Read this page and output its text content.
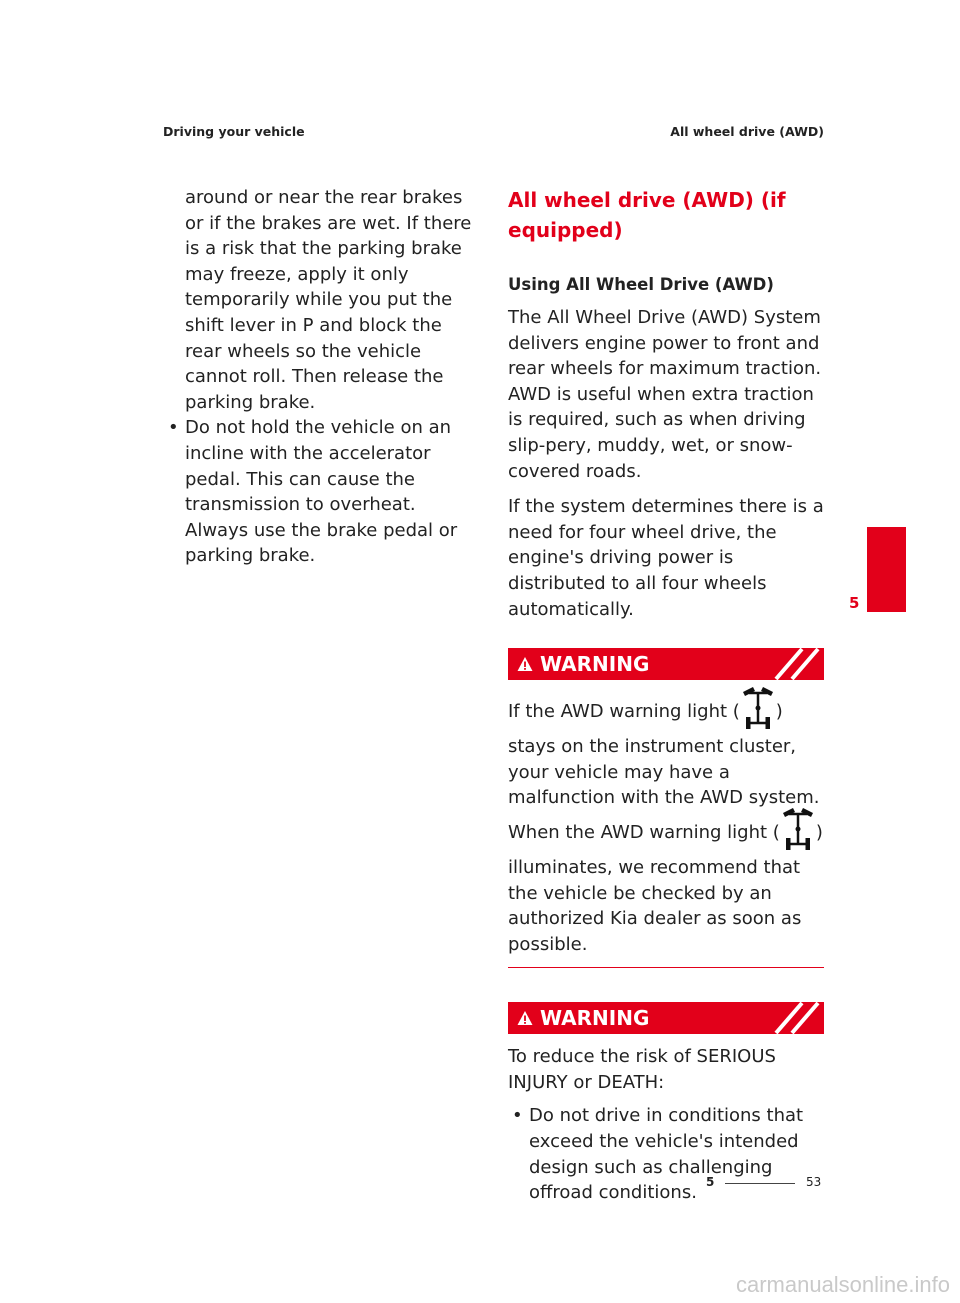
Driving your vehicle	All wheel drive (AWD)

around or near the rear brakes or if the brakes are wet. If there is a risk that the parking brake may freeze, apply it only temporarily while you put the shift lever in P and block the rear wheels so the vehicle cannot roll. Then release the parking brake.

• Do not hold the vehicle on an incline with the accelerator pedal. This can cause the transmission to overheat. Always use the brake pedal or parking brake.
All wheel drive (AWD) (if equipped)
Using All Wheel Drive (AWD)

The All Wheel Drive (AWD) System delivers engine power to front and rear wheels for maximum traction. AWD is useful when extra traction is required, such as when driving slip-pery, muddy, wet, or snow-covered roads.

If the system determines there is a need for four wheel drive, the engine's driving power is distributed to all four wheels automatically.

WARNING

If the AWD warning light ( ) stays on the instrument cluster, your vehicle may have a malfunction with the AWD system. When the AWD warning light ( ) illuminates, we recommend that the vehicle be checked by an authorized Kia dealer as soon as possible.

WARNING

To reduce the risk of SERIOUS INJURY or DEATH:

• Do not drive in conditions that exceed the vehicle's intended design such as challenging offroad conditions.
5
5	53
carmanualsonline.info
